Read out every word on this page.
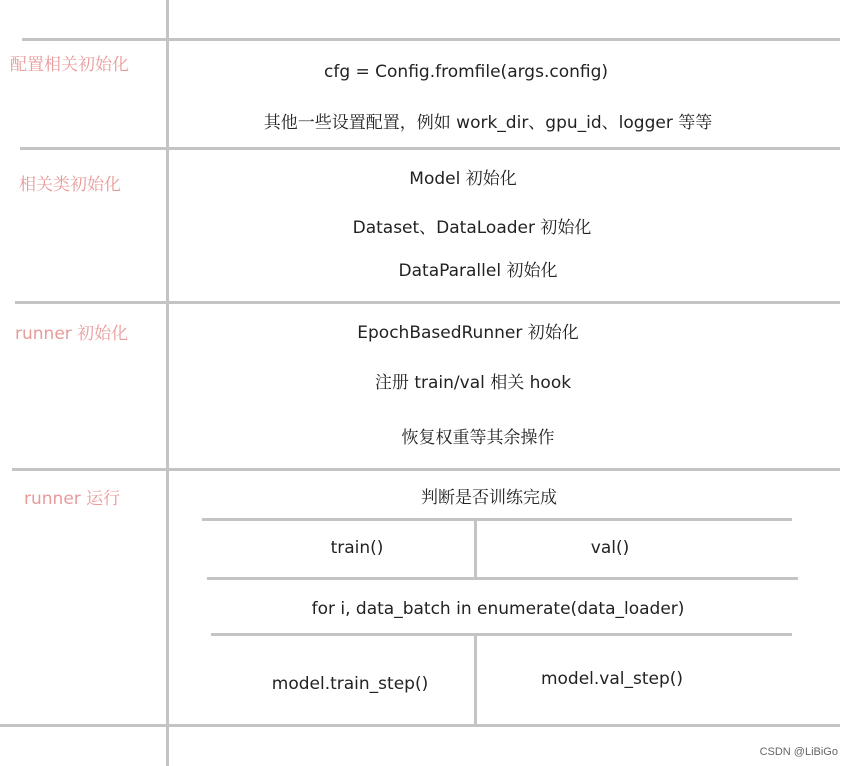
配置相关初始化
相关类初始化
runner 初始化
runner 运行
cfg = Config.fromfile(args.config)
其他一些设置配置，例如 work_dir、gpu_id、logger 等等
Model 初始化
Dataset、DataLoader 初始化
DataParallel 初始化
EpochBasedRunner 初始化
注册 train/val 相关 hook
恢复权重等其余操作
判断是否训练完成
train()	val()
for i, data_batch in enumerate(data_loader)
model.train_step()	model.val_step()
CSDN @LiBiGo
